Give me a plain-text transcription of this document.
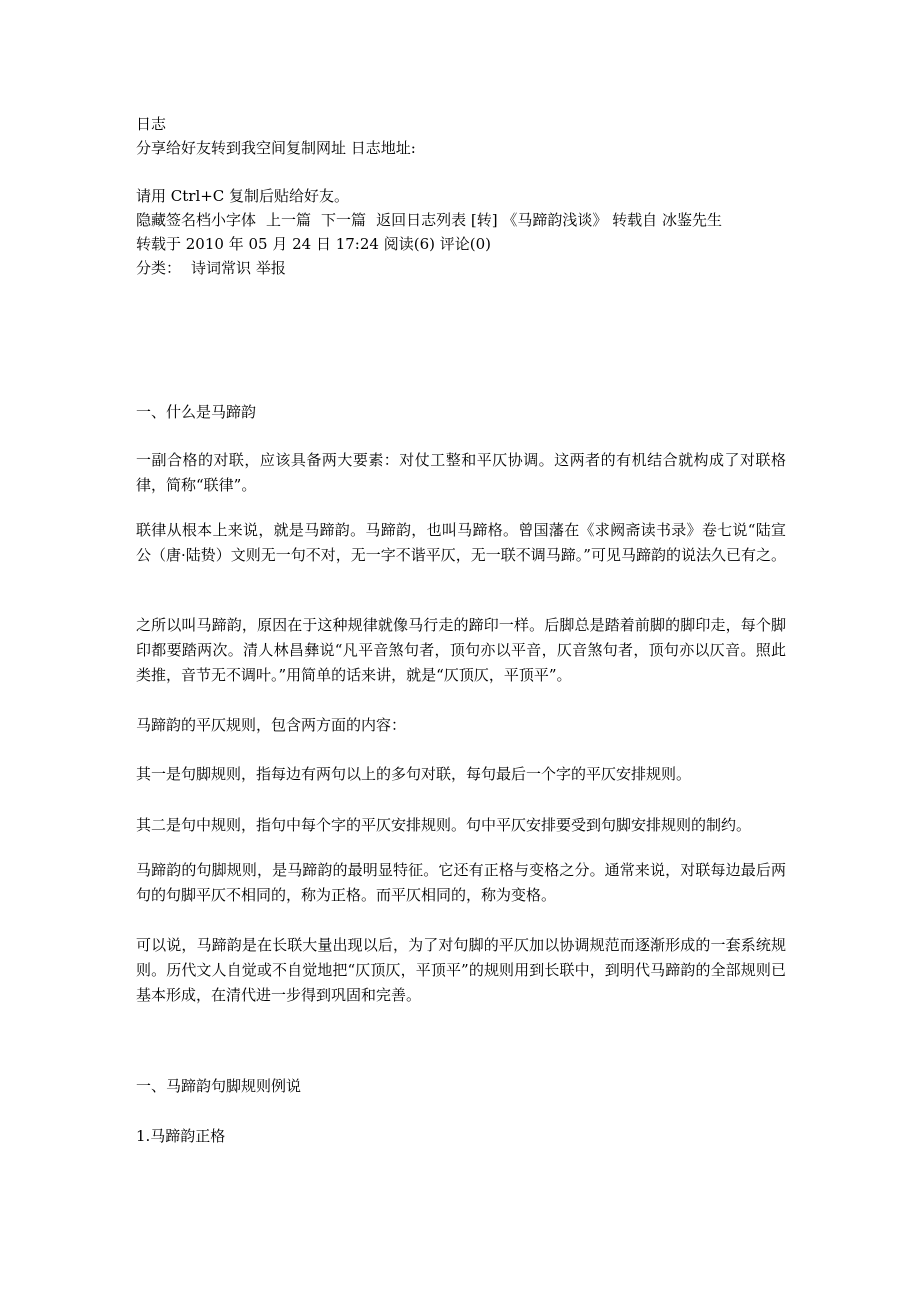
日志
分享给好友转到我空间复制网址 日志地址:
请用 Ctrl+C 复制后贴给好友。
隐藏签名档小字体 上一篇 下一篇 返回日志列表 [转] 《马蹄韵浅谈》 转载自 冰鉴先生
转载于 2010 年 05 月 24 日 17:24 阅读(6) 评论(0)
分类： 诗词常识 举报
一、什么是马蹄韵
一副合格的对联，应该具备两大要素：对仗工整和平仄协调。这两者的有机结合就构成了对联格律，简称“联律”。
联律从根本上来说，就是马蹄韵。马蹄韵，也叫马蹄格。曾国藩在《求阙斋读书录》卷七说“陆宣公（唐·陆贽）文则无一句不对，无一字不谐平仄，无一联不调马蹄。”可见马蹄韵的说法久已有之。
之所以叫马蹄韵，原因在于这种规律就像马行走的蹄印一样。后脚总是踏着前脚的脚印走，每个脚印都要踏两次。清人林昌彝说“凡平音煞句者，顶句亦以平音，仄音煞句者，顶句亦以仄音。照此类推，音节无不调叶。”用简单的话来讲，就是“仄顶仄，平顶平”。
马蹄韵的平仄规则，包含两方面的内容：
其一是句脚规则，指每边有两句以上的多句对联，每句最后一个字的平仄安排规则。
其二是句中规则，指句中每个字的平仄安排规则。句中平仄安排要受到句脚安排规则的制约。
马蹄韵的句脚规则，是马蹄韵的最明显特征。它还有正格与变格之分。通常来说，对联每边最后两句的句脚平仄不相同的，称为正格。而平仄相同的，称为变格。
可以说，马蹄韵是在长联大量出现以后，为了对句脚的平仄加以协调规范而逐渐形成的一套系统规则。历代文人自觉或不自觉地把“仄顶仄，平顶平”的规则用到长联中，到明代马蹄韵的全部规则已基本形成，在清代进一步得到巩固和完善。
一、马蹄韵句脚规则例说
1.马蹄韵正格
